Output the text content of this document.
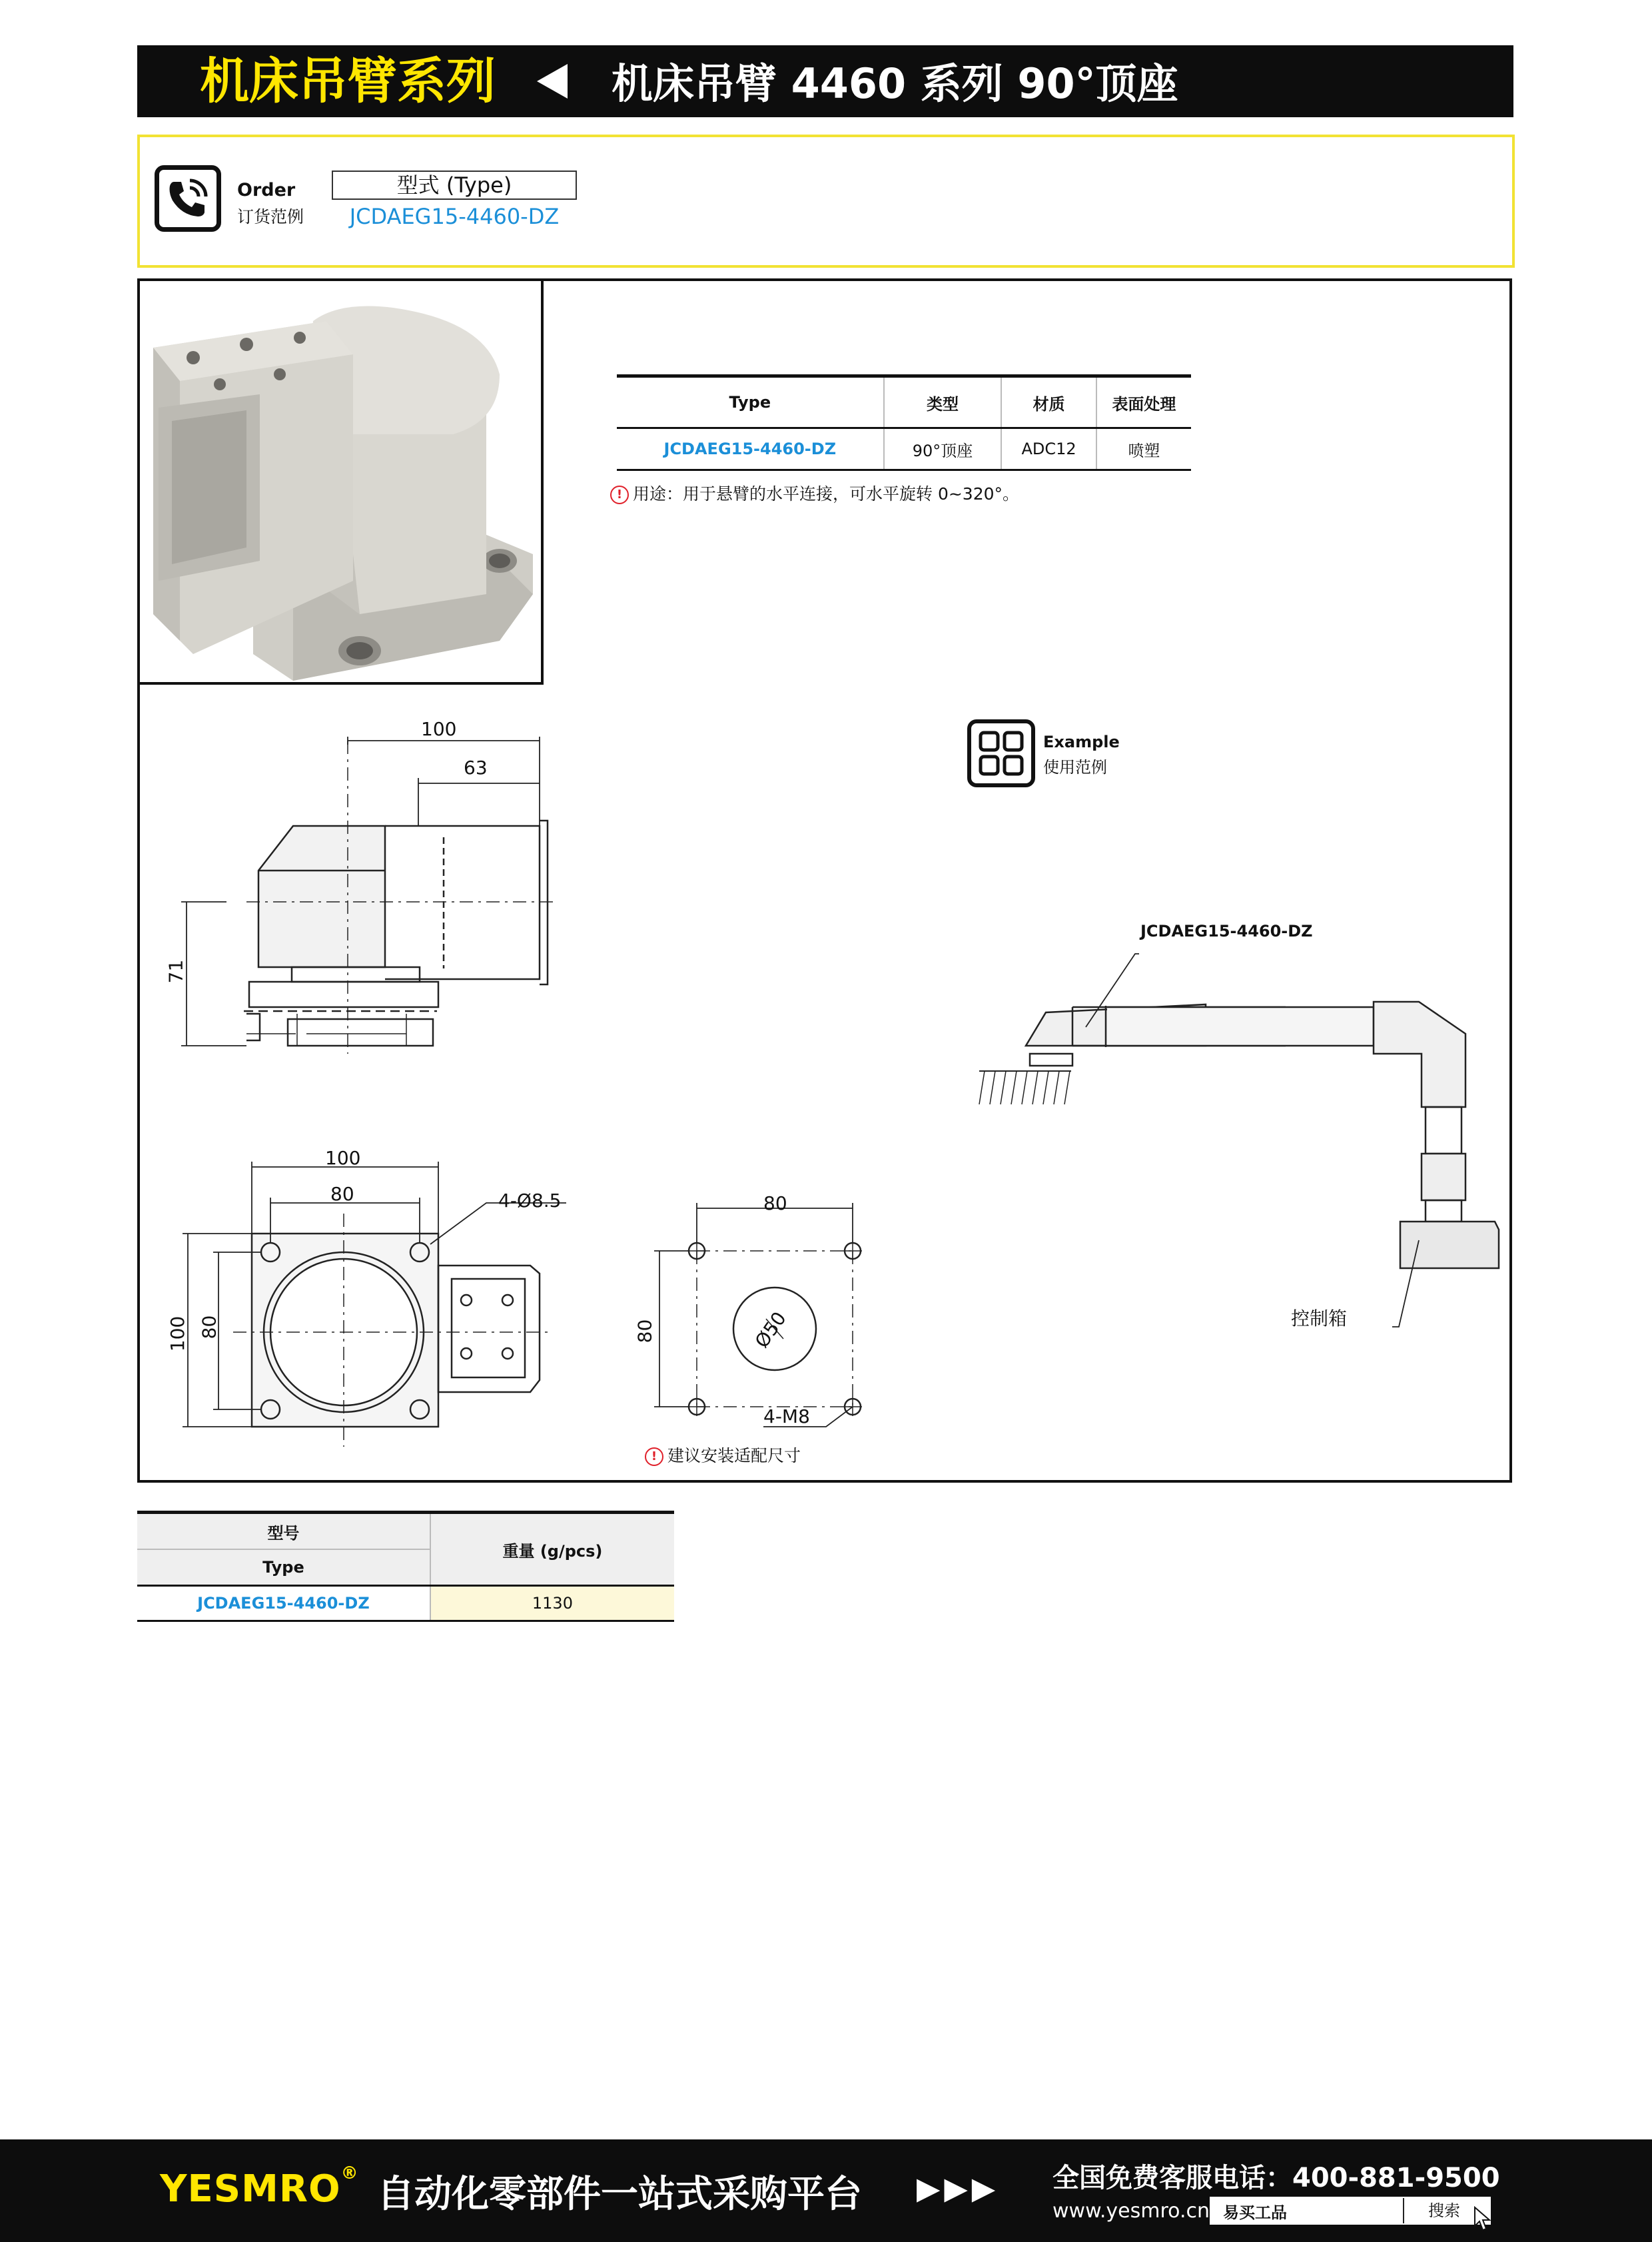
机床吊臂系列	机床吊臂 4460 系列 90°顶座
Order
订货范例
型式 (Type)
JCDAEG15-4460-DZ
100
63
71
100
80
100 80
4-Ø8.5	80
80	Ø50
4-M8
JCDAEG15-4460-DZ
控制箱
Type	类型	材质	表面处理
JCDAEG15-4460-DZ	90°顶座	ADC12	喷塑
! 用途：用于悬臂的水平连接，可水平旋转 0~320°。
! 建议安装适配尺寸
Example
使用范例
型号	重量 (g/pcs)
Type	
JCDAEG15-4460-DZ	1130
YESMRO® 自动化零部件一站式采购平台 ▶▶▶ 全国免费客服电话：400-881-9500
www.yesmro.cn 易买工品	搜索
